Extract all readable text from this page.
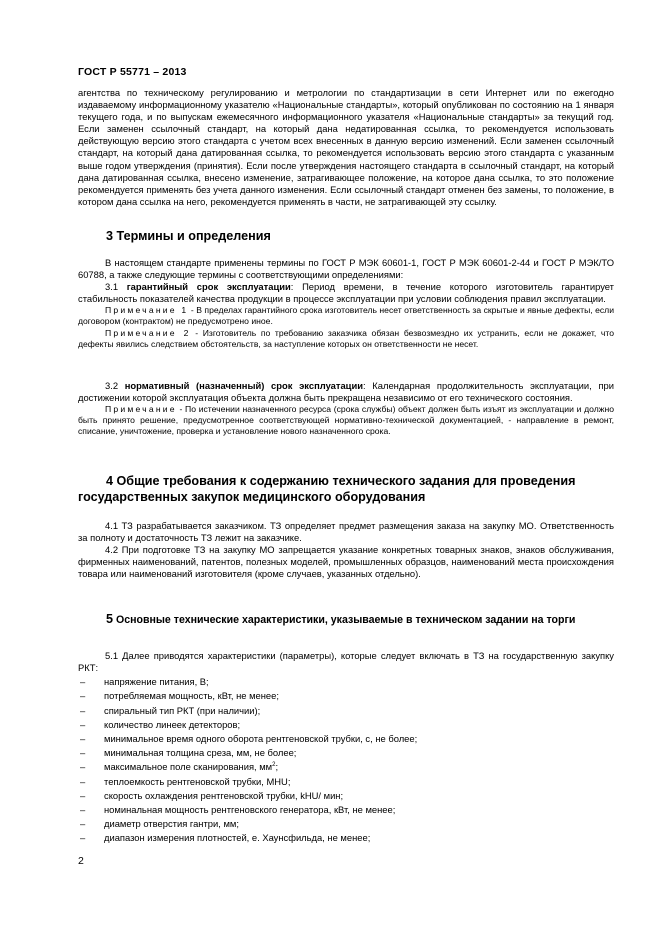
ГОСТ Р 55771 – 2013

агентства по техническому регулированию и метрологии по стандартизации в сети Интернет или по ежегодно издаваемому информационному указателю «Национальные стандарты», который опубликован по состоянию на 1 января текущего года, и по выпускам ежемесячного информационного указателя «Национальные стандарты» за текущий год. Если заменен ссылочный стандарт, на который дана недатированная ссылка, то рекомендуется использовать действующую версию этого стандарта с учетом всех внесенных в данную версию изменений. Если заменен ссылочный стандарт, на который дана датированная ссылка, то рекомендуется использовать версию этого стандарта с указанным выше годом утверждения (принятия). Если после утверждения настоящего стандарта в ссылочный стандарт, на который дана датированная ссылка, внесено изменение, затрагивающее положение, на которое дана ссылка, то это положение рекомендуется применять без учета данного изменения. Если ссылочный стандарт отменен без замены, то положение, в котором дана ссылка на него, рекомендуется применять в части, не затрагивающей эту ссылку.

3 Термины и определения

В настоящем стандарте применены термины по ГОСТ Р МЭК 60601-1, ГОСТ Р МЭК 60601-2-44 и ГОСТ Р МЭК/ТО 60788, а также следующие термины с соответствующими определениями:

3.1 гарантийный срок эксплуатации: Период времени, в течение которого изготовитель гарантирует стабильность показателей качества продукции в процессе эксплуатации при условии соблюдения правил эксплуатации.

Примечание 1 - В пределах гарантийного срока изготовитель несет ответственность за скрытые и явные дефекты, если договором (контрактом) не предусмотрено иное.

Примечание 2 - Изготовитель по требованию заказчика обязан безвозмездно их устранить, если не докажет, что дефекты явились следствием обстоятельств, за наступление которых он ответственности не несет.

3.2 нормативный (назначенный) срок эксплуатации: Календарная продолжительность эксплуатации, при достижении которой эксплуатация объекта должна быть прекращена независимо от его технического состояния.

Примечание - По истечении назначенного ресурса (срока службы) объект должен быть изъят из эксплуатации и должно быть принято решение, предусмотренное соответствующей нормативно-технической документацией, - направление в ремонт, списание, уничтожение, проверка и установление нового назначенного срока.

4 Общие требования к содержанию технического задания для проведения государственных закупок медицинского оборудования

4.1 ТЗ разрабатывается заказчиком. ТЗ определяет предмет размещения заказа на закупку МО. Ответственность за полноту и достаточность ТЗ лежит на заказчике.

4.2 При подготовке ТЗ на закупку МО запрещается указание конкретных товарных знаков, знаков обслуживания, фирменных наименований, патентов, полезных моделей, промышленных образцов, наименований места происхождения товара или наименований изготовителя (кроме случаев, указанных отдельно).

5 Основные технические характеристики, указываемые в техническом задании на торги

5.1 Далее приводятся характеристики (параметры), которые следует включать в ТЗ на государственную закупку РКТ:

– напряжение питания, В;
– потребляемая мощность, кВт, не менее;
– спиральный тип РКТ (при наличии);
– количество линеек детекторов;
– минимальное время одного оборота рентгеновской трубки, с, не более;
– минимальная толщина среза, мм, не более;
– максимальное поле сканирования, $мм^2$;
– теплоемкость рентгеновской трубки, MHU;
– скорость охлаждения рентгеновской трубки, kHU/ мин;
– номинальная мощность рентгеновского генератора, кВт, не менее;
– диаметр отверстия гантри, мм;
– диапазон измерения плотностей, е. Хаунсфильда, не менее;
2
